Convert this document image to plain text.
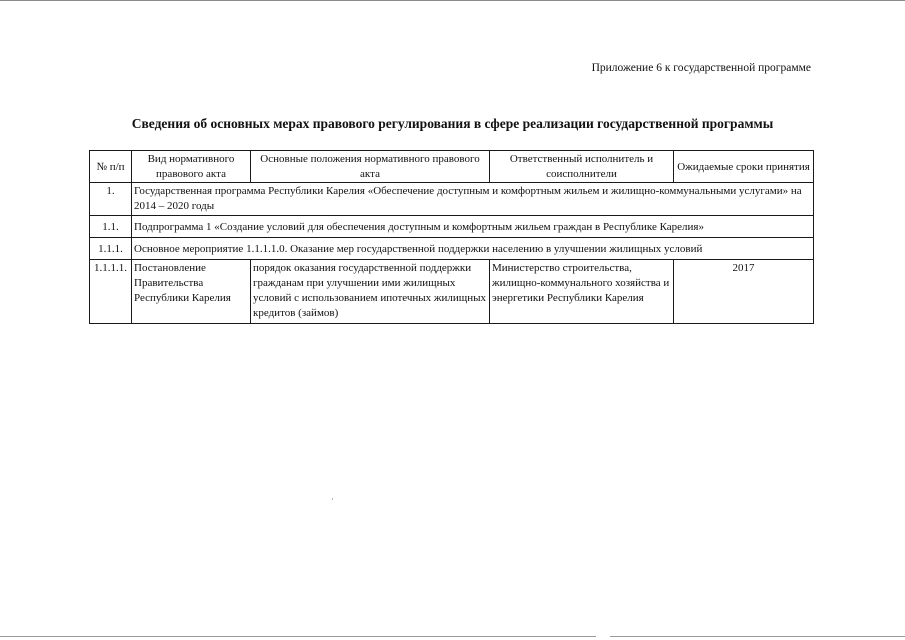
Приложение 6 к государственной программе
Сведения об основных мерах правового регулирования в сфере реализации государственной программы
№ п/п	Вид нормативного правового акта	Основные положения нормативного правового акта	Ответственный исполнитель и соисполнители	Ожидаемые сроки принятия
1.	Государственная программа Республики Карелия «Обеспечение доступным и комфортным жильем и жилищно-коммунальными услугами» на 2014 – 2020 годы			
1.1.	Подпрограмма 1 «Создание условий для обеспечения доступным и комфортным жильем граждан в Республике Карелия»			
1.1.1.	Основное мероприятие 1.1.1.1.0. Оказание мер государственной поддержки населению в улучшении жилищных условий			
1.1.1.1.	Постановление Правительства Республики Карелия	порядок оказания государственной поддержки гражданам при улучшении ими жилищных условий с использованием ипотечных жилищных кредитов (займов)	Министерство строительства, жилищно-коммунального хозяйства и энергетики Республики Карелия	2017
